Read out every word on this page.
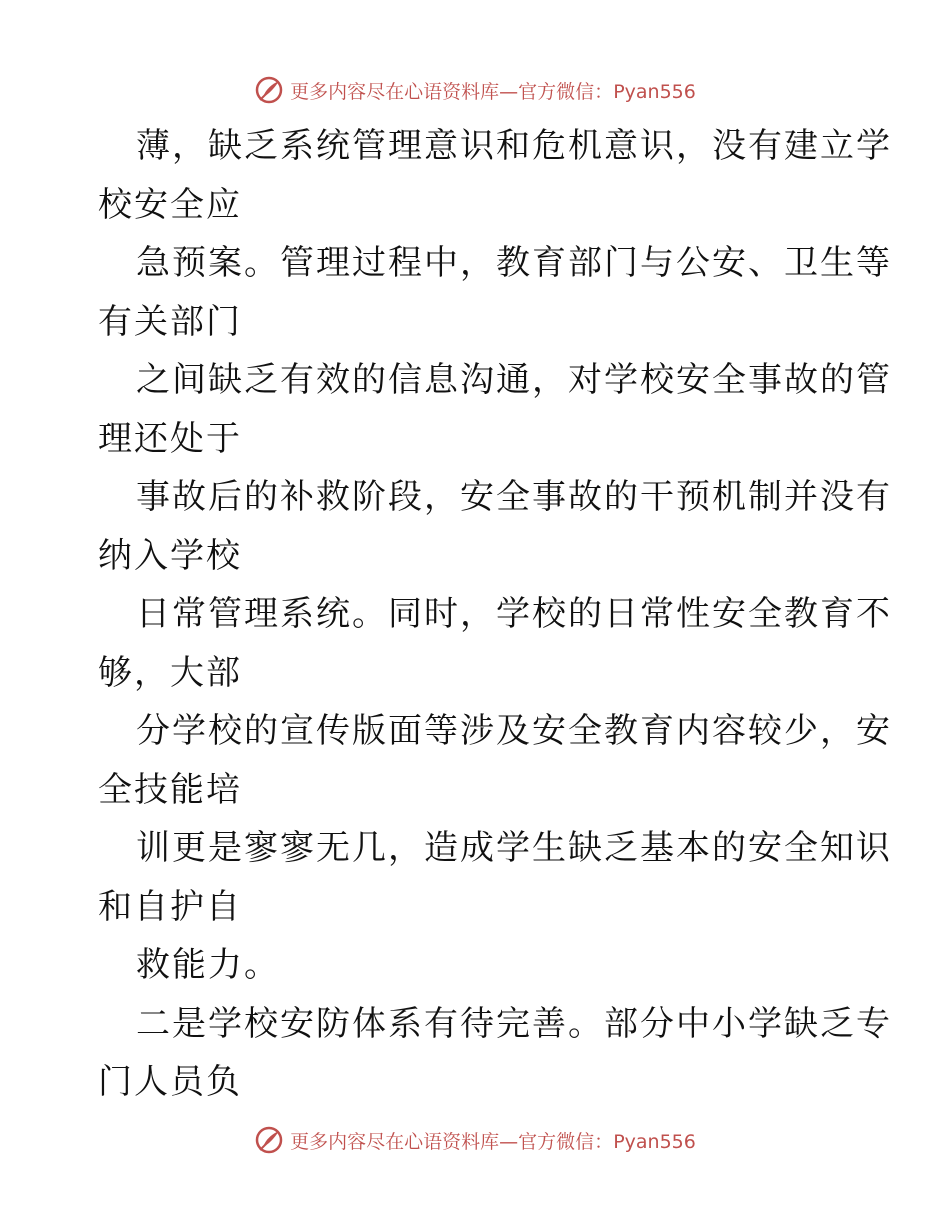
更多内容尽在心语资料库—官方微信：Pyan556
薄，缺乏系统管理意识和危机意识，没有建立学
校安全应
急预案。管理过程中，教育部门与公安、卫生等
有关部门
之间缺乏有效的信息沟通，对学校安全事故的管
理还处于
事故后的补救阶段，安全事故的干预机制并没有
纳入学校
日常管理系统。同时，学校的日常性安全教育不
够，大部
分学校的宣传版面等涉及安全教育内容较少，安
全技能培
训更是寥寥无几，造成学生缺乏基本的安全知识
和自护自
救能力。
二是学校安防体系有待完善。部分中小学缺乏专
门人员负
更多内容尽在心语资料库—官方微信：Pyan556
